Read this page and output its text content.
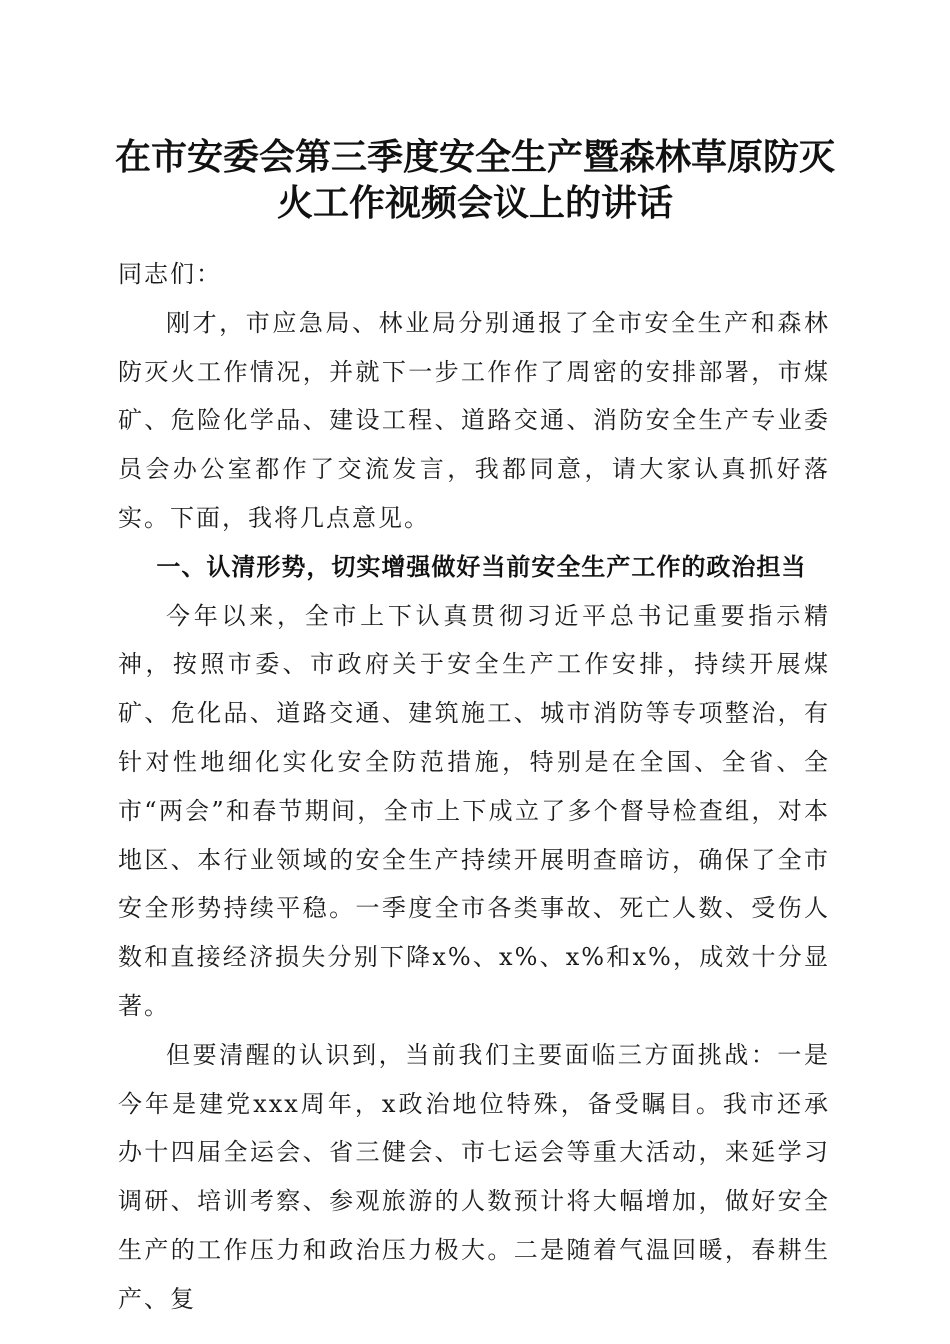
在市安委会第三季度安全生产暨森林草原防灭
火工作视频会议上的讲话

同志们：

刚才，市应急局、林业局分别通报了全市安全生产和森林防灭火工作情况，并就下一步工作作了周密的安排部署，市煤矿、危险化学品、建设工程、道路交通、消防安全生产专业委员会办公室都作了交流发言，我都同意，请大家认真抓好落实。下面，我将几点意见。

一、认清形势，切实增强做好当前安全生产工作的政治担当

今年以来，全市上下认真贯彻习近平总书记重要指示精神，按照市委、市政府关于安全生产工作安排，持续开展煤矿、危化品、道路交通、建筑施工、城市消防等专项整治，有针对性地细化实化安全防范措施，特别是在全国、全省、全市“两会”和春节期间，全市上下成立了多个督导检查组，对本地区、本行业领域的安全生产持续开展明查暗访，确保了全市安全形势持续平稳。一季度全市各类事故、死亡人数、受伤人数和直接经济损失分别下降x%、x%、x%和x%，成效十分显著。

但要清醒的认识到，当前我们主要面临三方面挑战：一是今年是建党xxx周年，x政治地位特殊，备受瞩目。我市还承办十四届全运会、省三健会、市七运会等重大活动，来延学习调研、培训考察、参观旅游的人数预计将大幅增加，做好安全生产的工作压力和政治压力极大。二是随着气温回暖，春耕生产、复
